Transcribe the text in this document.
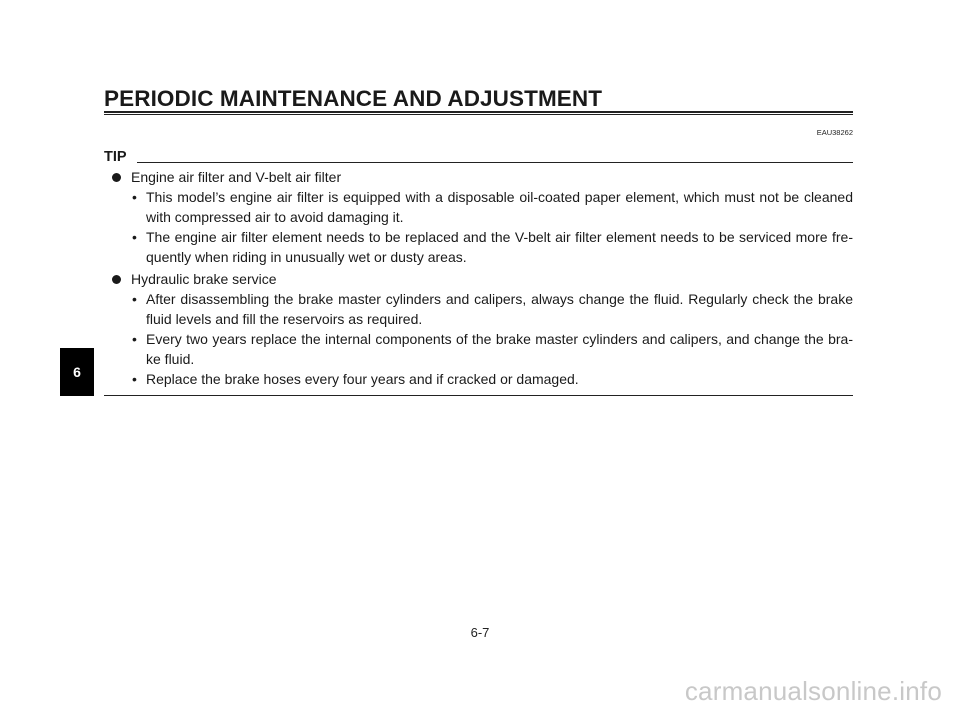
PERIODIC MAINTENANCE AND ADJUSTMENT
EAU38262
TIP
Engine air filter and V-belt air filter
• This model’s engine air filter is equipped with a disposable oil-coated paper element, which must not be cleaned with compressed air to avoid damaging it.
• The engine air filter element needs to be replaced and the V-belt air filter element needs to be serviced more fre-quently when riding in unusually wet or dusty areas.
Hydraulic brake service
• After disassembling the brake master cylinders and calipers, always change the fluid. Regularly check the brake fluid levels and fill the reservoirs as required.
• Every two years replace the internal components of the brake master cylinders and calipers, and change the bra-ke fluid.
• Replace the brake hoses every four years and if cracked or damaged.
6
6-7
carmanualsonline.info
